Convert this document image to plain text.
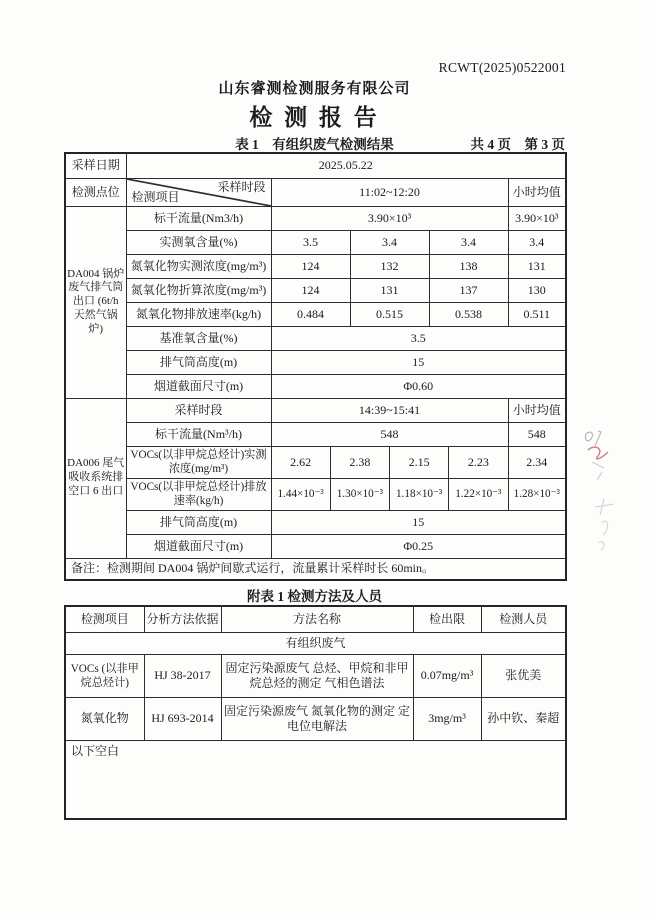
RCWT(2025)0522001
山东睿测检测服务有限公司
检 测 报 告
表 1　有组织废气检测结果	共 4 页　第 3 页
采样日期	2025.05.22							
检测点位	采样时段
检测项目	11:02~12:20						小时均值
DA004 锅炉废气排气筒出口 (6t/h 天然气锅炉)	标干流量(Nm3/h)	3.90×10³						3.90×10³
	实测氧含量(%)	3.5		3.4		3.4		3.4
	氮氧化物实测浓度(mg/m³)	124		132		138		131
	氮氧化物折算浓度(mg/m³)	124		131		137		130
	氮氧化物排放速率(kg/h)	0.484		0.515		0.538		0.511
	基准氧含量(%)	3.5						
	排气筒高度(m)	15						
	烟道截面尺寸(m)	Φ0.60						
DA006 尾气吸收系统排空口 6 出口	采样时段	14:39~15:41						小时均值
	标干流量(Nm³/h)	548						548
	VOCs(以非甲烷总烃计)实测浓度(mg/m³)	2.62	2.38		2.15		2.23	2.34
	VOCs(以非甲烷总烃计)排放速率(kg/h)	1.44×10⁻³	1.30×10⁻³		1.18×10⁻³		1.22×10⁻³	1.28×10⁻³
	排气筒高度(m)	15						
	烟道截面尺寸(m)	Φ0.25						
备注：检测期间 DA004 锅炉间歇式运行，流量累计采样时长 60min。								
附表 1 检测方法及人员
检测项目	分析方法依据	方法名称	检出限	检测人员
有组织废气				
VOCs (以非甲烷总烃计)	HJ 38-2017	固定污染源废气 总烃、甲烷和非甲烷总烃的测定 气相色谱法	0.07mg/m³	张优美
氮氧化物	HJ 693-2014	固定污染源废气 氮氧化物的测定 定电位电解法	3mg/m³	孙中钦、秦超
以下空白				
